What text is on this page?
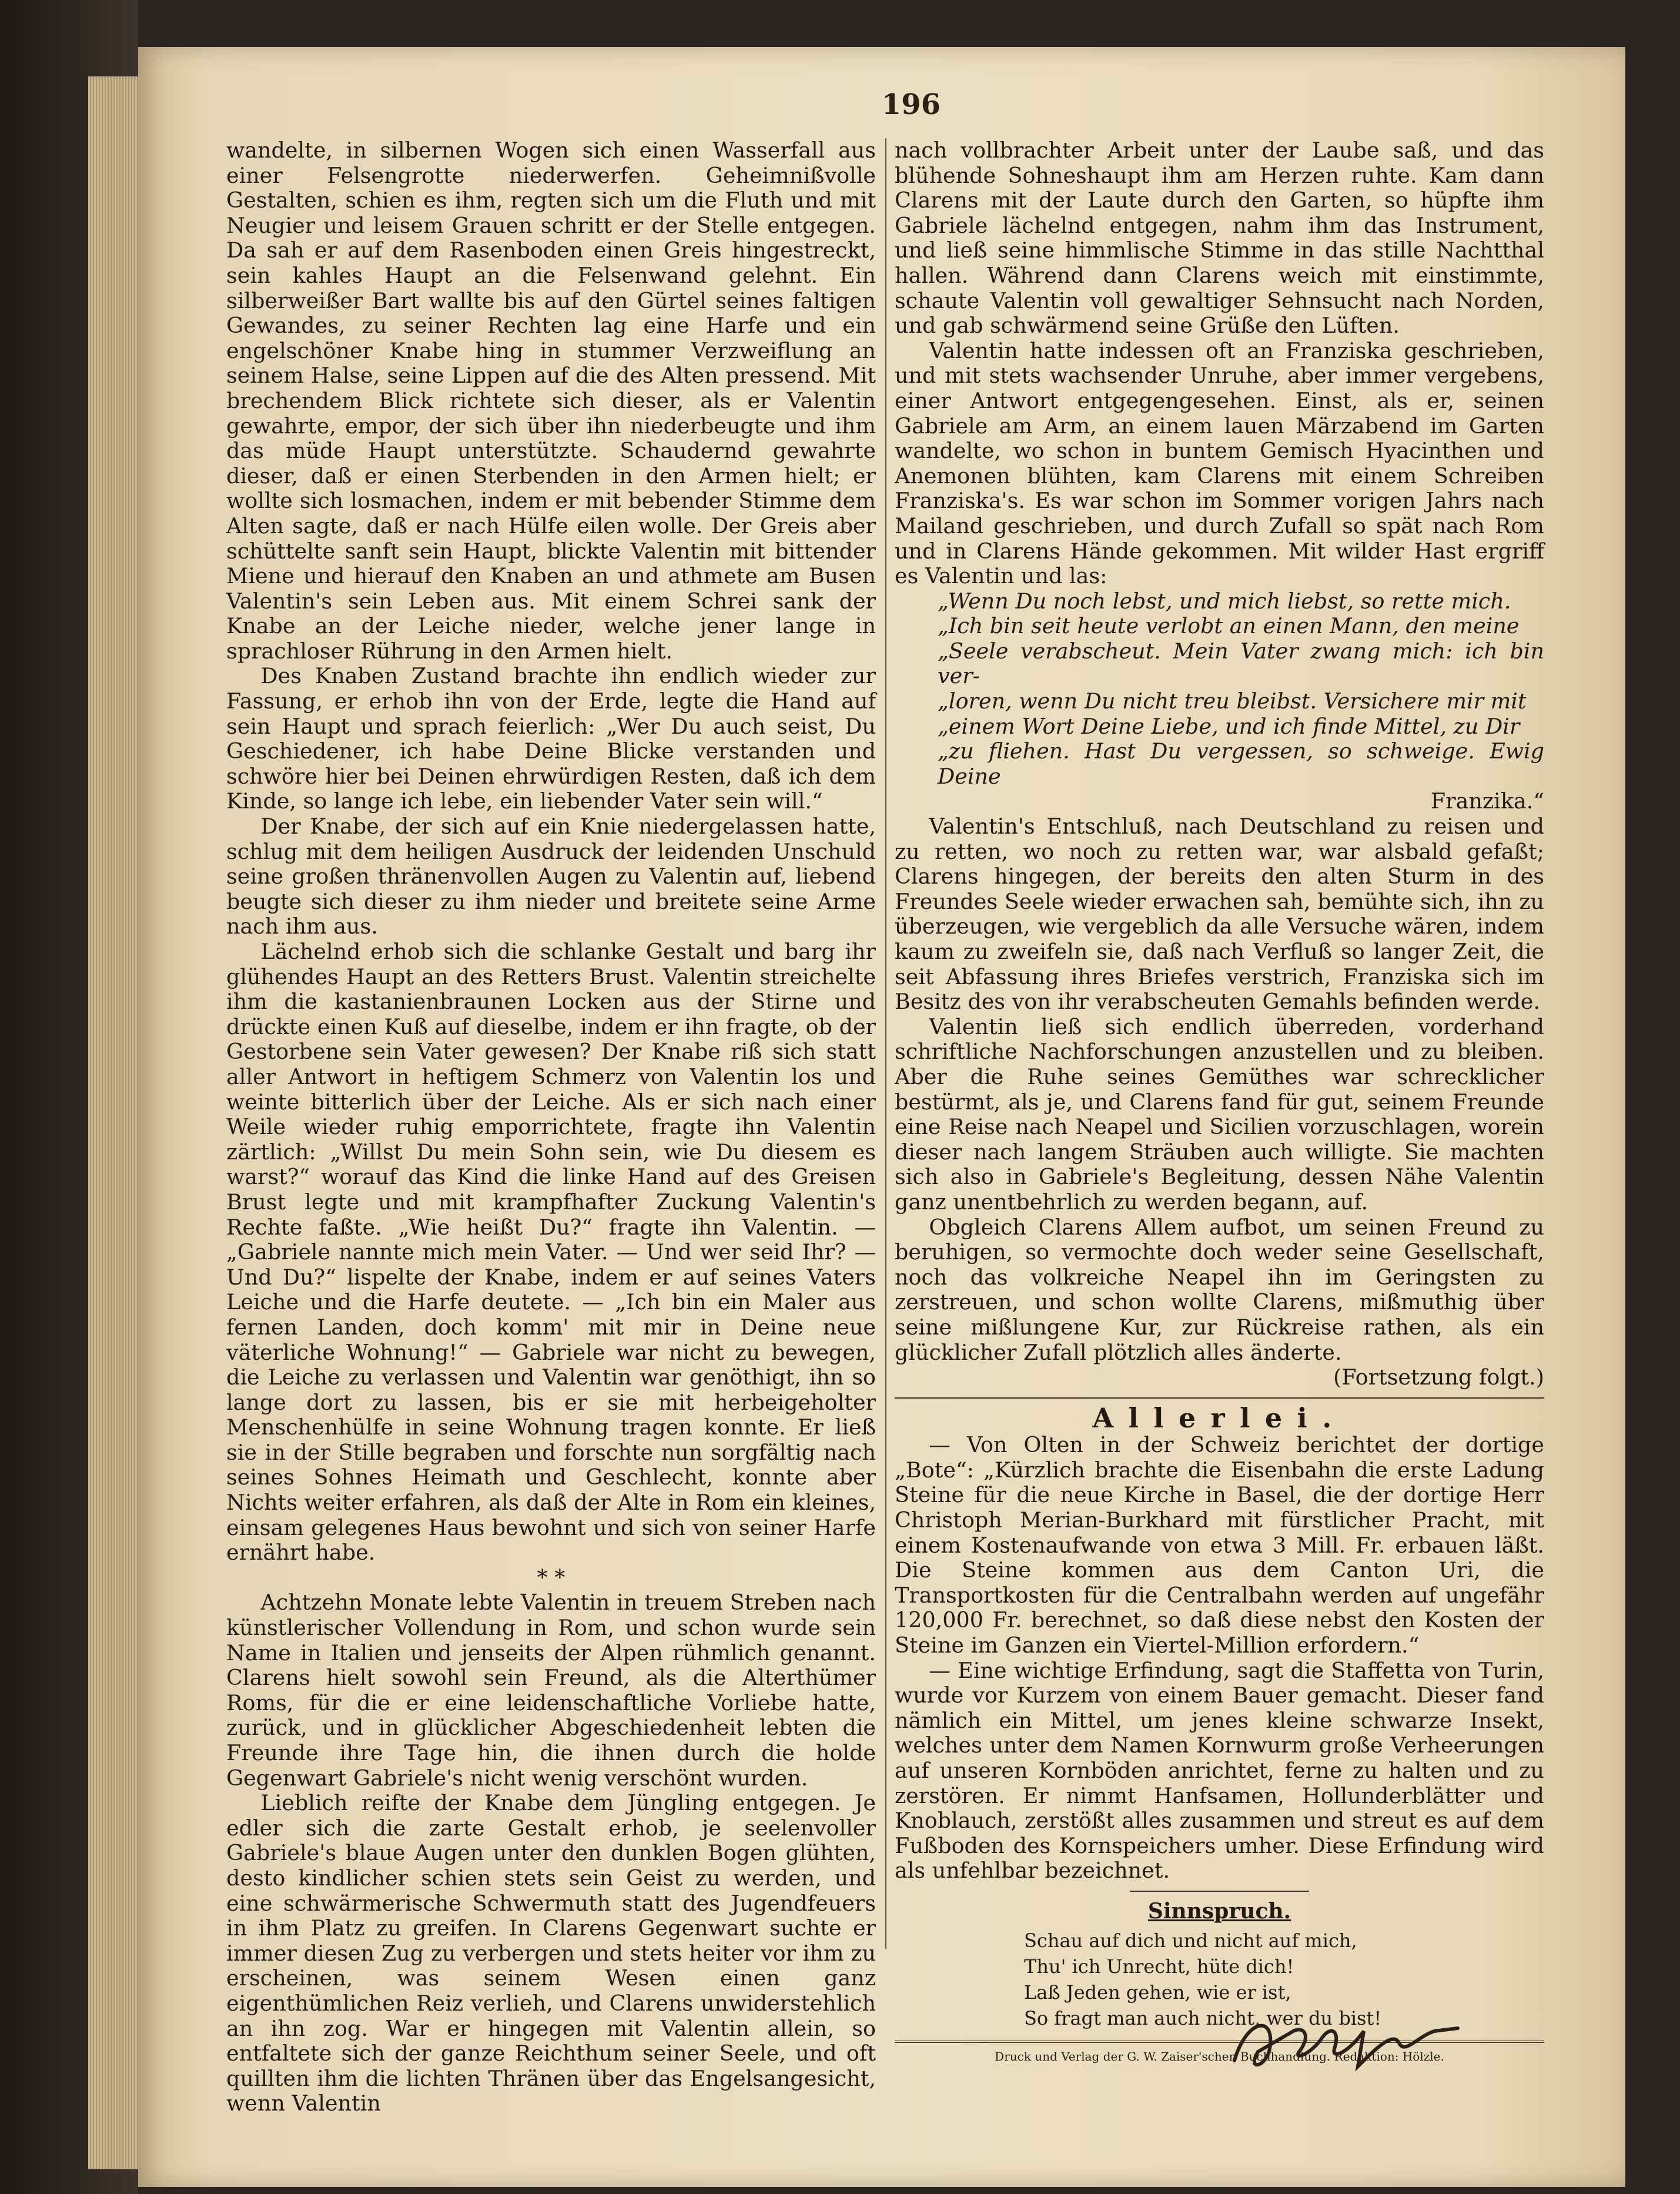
196

wandelte, in silbernen Wogen sich einen Wasserfall aus einer Felsengrotte niederwerfen. Geheimnißvolle Gestalten, schien es ihm, regten sich um die Fluth und mit Neugier und leisem Grauen schritt er der Stelle entgegen. Da sah er auf dem Rasenboden einen Greis hingestreckt, sein kahles Haupt an die Felsenwand gelehnt. Ein silberweißer Bart wallte bis auf den Gürtel seines faltigen Gewandes, zu seiner Rechten lag eine Harfe und ein engelschöner Knabe hing in stummer Verzweiflung an seinem Halse, seine Lippen auf die des Alten pressend. Mit brechendem Blick richtete sich dieser, als er Valentin gewahrte, empor, der sich über ihn niederbeugte und ihm das müde Haupt unterstützte. Schaudernd gewahrte dieser, daß er einen Sterbenden in den Armen hielt; er wollte sich losmachen, indem er mit bebender Stimme dem Alten sagte, daß er nach Hülfe eilen wolle. Der Greis aber schüttelte sanft sein Haupt, blickte Valentin mit bittender Miene und hierauf den Knaben an und athmete am Busen Valentin's sein Leben aus. Mit einem Schrei sank der Knabe an der Leiche nieder, welche jener lange in sprachloser Rührung in den Armen hielt.

Des Knaben Zustand brachte ihn endlich wieder zur Fassung, er erhob ihn von der Erde, legte die Hand auf sein Haupt und sprach feierlich: „Wer Du auch seist, Du Geschiedener, ich habe Deine Blicke verstanden und schwöre hier bei Deinen ehrwürdigen Resten, daß ich dem Kinde, so lange ich lebe, ein liebender Vater sein will.“

Der Knabe, der sich auf ein Knie niedergelassen hatte, schlug mit dem heiligen Ausdruck der leidenden Unschuld seine großen thränenvollen Augen zu Valentin auf, liebend beugte sich dieser zu ihm nieder und breitete seine Arme nach ihm aus.

Lächelnd erhob sich die schlanke Gestalt und barg ihr glühendes Haupt an des Retters Brust. Valentin streichelte ihm die kastanienbraunen Locken aus der Stirne und drückte einen Kuß auf dieselbe, indem er ihn fragte, ob der Gestorbene sein Vater gewesen? Der Knabe riß sich statt aller Antwort in heftigem Schmerz von Valentin los und weinte bitterlich über der Leiche. Als er sich nach einer Weile wieder ruhig emporrichtete, fragte ihn Valentin zärtlich: „Willst Du mein Sohn sein, wie Du diesem es warst?“ worauf das Kind die linke Hand auf des Greisen Brust legte und mit krampfhafter Zuckung Valentin's Rechte faßte. „Wie heißt Du?“ fragte ihn Valentin. — „Gabriele nannte mich mein Vater. — Und wer seid Ihr? — Und Du?“ lispelte der Knabe, indem er auf seines Vaters Leiche und die Harfe deutete. — „Ich bin ein Maler aus fernen Landen, doch komm' mit mir in Deine neue väterliche Wohnung!“ — Gabriele war nicht zu bewegen, die Leiche zu verlassen und Valentin war genöthigt, ihn so lange dort zu lassen, bis er sie mit herbeigeholter Menschenhülfe in seine Wohnung tragen konnte. Er ließ sie in der Stille begraben und forschte nun sorgfältig nach seines Sohnes Heimath und Geschlecht, konnte aber Nichts weiter erfahren, als daß der Alte in Rom ein kleines, einsam gelegenes Haus bewohnt und sich von seiner Harfe ernährt habe.

* *

Achtzehn Monate lebte Valentin in treuem Streben nach künstlerischer Vollendung in Rom, und schon wurde sein Name in Italien und jenseits der Alpen rühmlich genannt. Clarens hielt sowohl sein Freund, als die Alterthümer Roms, für die er eine leidenschaftliche Vorliebe hatte, zurück, und in glücklicher Abgeschiedenheit lebten die Freunde ihre Tage hin, die ihnen durch die holde Gegenwart Gabriele's nicht wenig verschönt wurden.

Lieblich reifte der Knabe dem Jüngling entgegen. Je edler sich die zarte Gestalt erhob, je seelenvoller Gabriele's blaue Augen unter den dunklen Bogen glühten, desto kindlicher schien stets sein Geist zu werden, und eine schwärmerische Schwermuth statt des Jugendfeuers in ihm Platz zu greifen. In Clarens Gegenwart suchte er immer diesen Zug zu verbergen und stets heiter vor ihm zu erscheinen, was seinem Wesen einen ganz eigenthümlichen Reiz verlieh, und Clarens unwiderstehlich an ihn zog. War er hingegen mit Valentin allein, so entfaltete sich der ganze Reichthum seiner Seele, und oft quillten ihm die lichten Thränen über das Engelsangesicht, wenn Valentin

nach vollbrachter Arbeit unter der Laube saß, und das blühende Sohneshaupt ihm am Herzen ruhte. Kam dann Clarens mit der Laute durch den Garten, so hüpfte ihm Gabriele lächelnd entgegen, nahm ihm das Instrument, und ließ seine himmlische Stimme in das stille Nachtthal hallen. Während dann Clarens weich mit einstimmte, schaute Valentin voll gewaltiger Sehnsucht nach Norden, und gab schwärmend seine Grüße den Lüften.

Valentin hatte indessen oft an Franziska geschrieben, und mit stets wachsender Unruhe, aber immer vergebens, einer Antwort entgegengesehen. Einst, als er, seinen Gabriele am Arm, an einem lauen Märzabend im Garten wandelte, wo schon in buntem Gemisch Hyacinthen und Anemonen blühten, kam Clarens mit einem Schreiben Franziska's. Es war schon im Sommer vorigen Jahrs nach Mailand geschrieben, und durch Zufall so spät nach Rom und in Clarens Hände gekommen. Mit wilder Hast ergriff es Valentin und las:

„Wenn Du noch lebst, und mich liebst, so rette mich.
„Ich bin seit heute verlobt an einen Mann, den meine
„Seele verabscheut. Mein Vater zwang mich: ich bin ver-
„loren, wenn Du nicht treu bleibst. Versichere mir mit
„einem Wort Deine Liebe, und ich finde Mittel, zu Dir
„zu fliehen. Hast Du vergessen, so schweige. Ewig Deine
Franzika.“

Valentin's Entschluß, nach Deutschland zu reisen und zu retten, wo noch zu retten war, war alsbald gefaßt; Clarens hingegen, der bereits den alten Sturm in des Freundes Seele wieder erwachen sah, bemühte sich, ihn zu überzeugen, wie vergeblich da alle Versuche wären, indem kaum zu zweifeln sie, daß nach Verfluß so langer Zeit, die seit Abfassung ihres Briefes verstrich, Franziska sich im Besitz des von ihr verabscheuten Gemahls befinden werde.

Valentin ließ sich endlich überreden, vorderhand schriftliche Nachforschungen anzustellen und zu bleiben. Aber die Ruhe seines Gemüthes war schrecklicher bestürmt, als je, und Clarens fand für gut, seinem Freunde eine Reise nach Neapel und Sicilien vorzuschlagen, worein dieser nach langem Sträuben auch willigte. Sie machten sich also in Gabriele's Begleitung, dessen Nähe Valentin ganz unentbehrlich zu werden begann, auf.

Obgleich Clarens Allem aufbot, um seinen Freund zu beruhigen, so vermochte doch weder seine Gesellschaft, noch das volkreiche Neapel ihn im Geringsten zu zerstreuen, und schon wollte Clarens, mißmuthig über seine mißlungene Kur, zur Rückreise rathen, als ein glücklicher Zufall plötzlich alles änderte.

(Fortsetzung folgt.)
Allerlei.

— Von Olten in der Schweiz berichtet der dortige „Bote“: „Kürzlich brachte die Eisenbahn die erste Ladung Steine für die neue Kirche in Basel, die der dortige Herr Christoph Merian-Burkhard mit fürstlicher Pracht, mit einem Kostenaufwande von etwa 3 Mill. Fr. erbauen läßt. Die Steine kommen aus dem Canton Uri, die Transportkosten für die Centralbahn werden auf ungefähr 120,000 Fr. berechnet, so daß diese nebst den Kosten der Steine im Ganzen ein Viertel-Million erfordern.“

— Eine wichtige Erfindung, sagt die Staffetta von Turin, wurde vor Kurzem von einem Bauer gemacht. Dieser fand nämlich ein Mittel, um jenes kleine schwarze Insekt, welches unter dem Namen Kornwurm große Verheerungen auf unseren Kornböden anrichtet, ferne zu halten und zu zerstören. Er nimmt Hanfsamen, Hollunderblätter und Knoblauch, zerstößt alles zusammen und streut es auf dem Fußboden des Kornspeichers umher. Diese Erfindung wird als unfehlbar bezeichnet.

Sinnspruch.
Schau auf dich und nicht auf mich,
Thu' ich Unrecht, hüte dich!
Laß Jeden gehen, wie er ist,
So fragt man auch nicht, wer du bist!
Druck und Verlag der G. W. Zaiser'schen Buchhandlung. Redaktion: Hölzle.
